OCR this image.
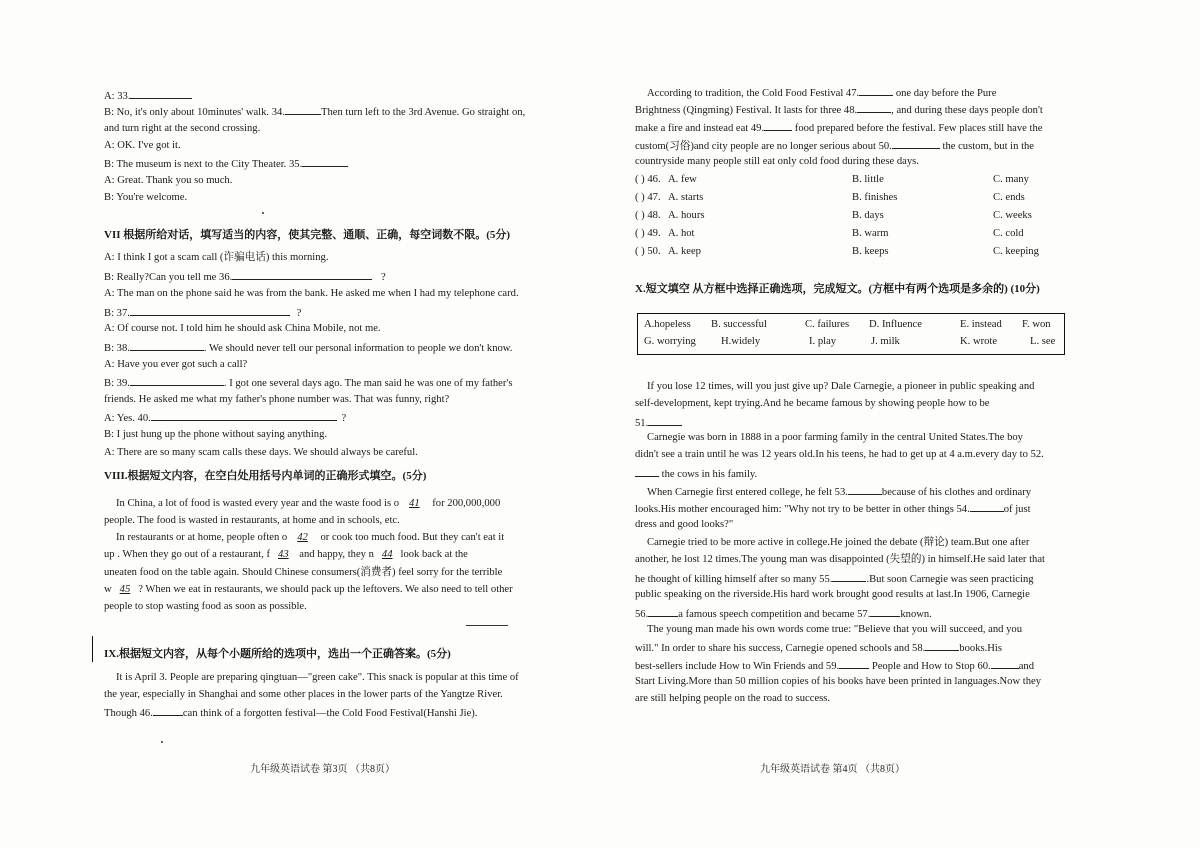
A: 33.
B: No, it's only about 10minutes' walk. 34.	Then turn left to the 3rd Avenue. Go straight on,
and turn right at the second crossing.
A: OK. I've got it.
B: The museum is next to the City Theater. 35.
A: Great. Thank you so much.
B: You're welcome.
VII 根据所给对话，填写适当的内容，使其完整、通顺、正确，每空词数不限。(5分)
A: I think I got a scam call (诈骗电话) this morning.
B: Really?Can you tell me 36.	?
A: The man on the phone said he was from the bank. He asked me when I had my telephone card.
B: 37.	?
A: Of course not. I told him he should ask China Mobile, not me.
B: 38.	. We should never tell our personal information to people we don't know.
A: Have you ever got such a call?
B: 39.	. I got one several days ago. The man said he was one of my father's
friends. He asked me what my father's phone number was. That was funny, right?
A: Yes. 40.	?
B: I just hung up the phone without saying anything.
A: There are so many scam calls these days. We should always be careful.
VIII.根据短文内容，在空白处用括号内单词的正确形式填空。(5分)
In China, a lot of food is wasted every year and the waste food is o 41 for 200,000,000
people. The food is wasted in restaurants, at home and in schools, etc.
In restaurants or at home, people often o 42 or cook too much food. But they can't eat it
up . When they go out of a restaurant, f 43 and happy, they n 44 look back at the
uneaten food on the table again. Should Chinese consumers(消费者) feel sorry for the terrible
w 45 ? When we eat in restaurants, we should pack up the leftovers. We also need to tell other
people to stop wasting food as soon as possible.
IX.根据短文内容，从每个小题所给的选项中，选出一个正确答案。(5分)
It is April 3. People are preparing qingtuan—"green cake". This snack is popular at this time of
the year, especially in Shanghai and some other places in the lower parts of the Yangtze River.
Though 46.	can think of a forgotten festival—the Cold Food Festival(Hanshi Jie).
九年级英语试卷 第3页 （共8页）
According to tradition, the Cold Food Festival 47.	one day before the Pure
Brightness (Qingming) Festival. It lasts for three 48.	, and during these days people don't
make a fire and instead eat 49.	food prepared before the festival. Few places still have the
custom(习俗)and city people are no longer serious about 50.	the custom, but in the
countryside many people still eat only cold food during these days.
( ) 46. A. few	B. little	C. many
( ) 47. A. starts	B. finishes	C. ends
( ) 48. A. hours	B. days	C. weeks
( ) 49. A. hot	B. warm	C. cold
( ) 50. A. keep	B. keeps	C. keeping
X.短文填空 从方框中选择正确选项，完成短文。(方框中有两个选项是多余的) (10分)
A.hopeless B. successful	C. failures D. Influence	E. instead F. won
G. worrying H.widely	I. play	J. milk	K. wrote	L. see
If you lose 12 times, will you just give up? Dale Carnegie, a pioneer in public speaking and
self-development, kept trying.And he became famous by showing people how to be
51.
Carnegie was born in 1888 in a poor farming family in the central United States.The boy
didn't see a train until he was 12 years old.In his teens, he had to get up at 4 a.m.every day to 52.
the cows in his family.
When Carnegie first entered college, he felt 53.	because of his clothes and ordinary
looks.His mother encouraged him: "Why not try to be better in other things 54.	of just
dress and good looks?"
Carnegie tried to be more active in college.He joined the debate (辩论) team.But one after
another, he lost 12 times.The young man was disappointed (失望的) in himself.He said later that
he thought of killing himself after so many 55.	.But soon Carnegie was seen practicing
public speaking on the riverside.His hard work brought good results at last.In 1906, Carnegie
56.	a famous speech competition and became 57.	known.
The young man made his own words come true: "Believe that you will succeed, and you
will." In order to share his success, Carnegie opened schools and 58.	books.His
best-sellers include How to Win Friends and 59.	People and How to Stop 60.	and
Start Living.More than 50 million copies of his books have been printed in languages.Now they
are still helping people on the road to success.
九年级英语试卷 第4页 （共8页）
